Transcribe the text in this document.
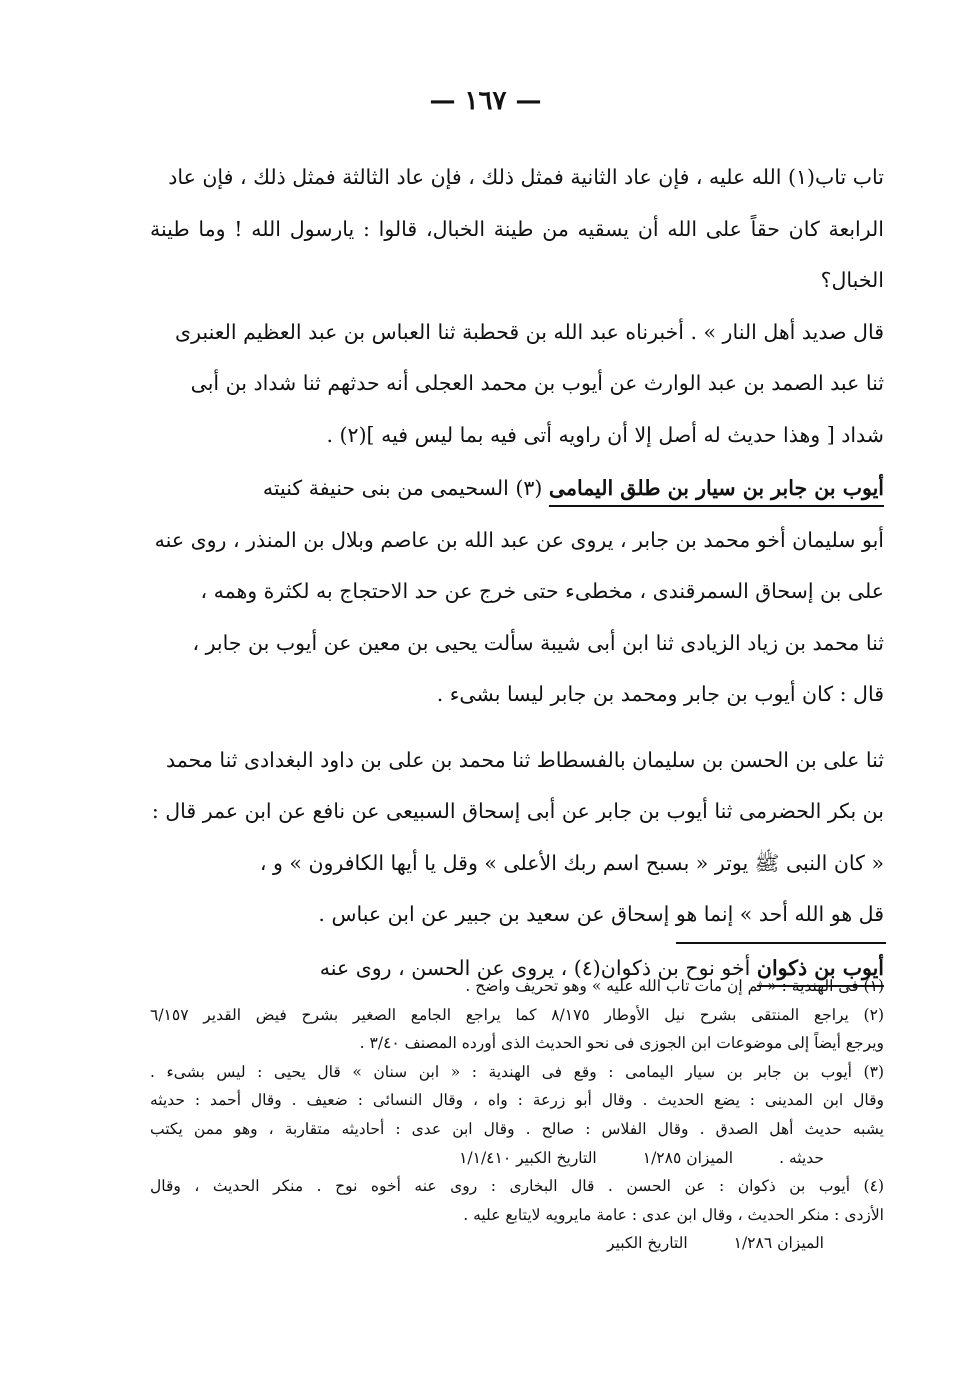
— ١٦٧ —

تاب تاب(١) الله عليه ، فإن عاد الثانية فمثل ذلك ، فإن عاد الثالثة فمثل ذلك ، فإن عاد

الرابعة كان حقاً على الله أن يسقيه من طينة الخبال، قالوا : يارسول الله ! وما طينة الخبال؟

قال صديد أهل النار » . أخبرناه عبد الله بن قحطبة ثنا العباس بن عبد العظيم العنبرى

ثنا عبد الصمد بن عبد الوارث عن أيوب بن محمد العجلى أنه حدثهم ثنا شداد بن أبى

شداد [ وهذا حديث له أصل إلا أن راويه أتى فيه بما ليس فيه ](٢) .

أيوب بن جابر بن سيار بن طلق اليمامى (٣) السحيمى من بنى حنيفة كنيته

أبو سليمان أخو محمد بن جابر ، يروى عن عبد الله بن عاصم وبلال بن المنذر ، روى عنه

على بن إسحاق السمرقندى ، مخطىء حتى خرج عن حد الاحتجاج به لكثرة وهمه ،

ثنا محمد بن زياد الزيادى ثنا ابن أبى شيبة سألت يحيى بن معين عن أيوب بن جابر ،

قال : كان أيوب بن جابر ومحمد بن جابر ليسا بشىء .

ثنا على بن الحسن بن سليمان بالفسطاط ثنا محمد بن على بن داود البغدادى ثنا محمد

بن بكر الحضرمى ثنا أيوب بن جابر عن أبى إسحاق السبيعى عن نافع عن ابن عمر قال :

« كان النبى ﷺ يوتر « بسبح اسم ربك الأعلى » وقل يا أيها الكافرون » و ،

قل هو الله أحد » إنما هو إسحاق عن سعيد بن جبير عن ابن عباس .

أيوب بن ذكوان أخو نوح بن ذكوان(٤) ، يروى عن الحسن ، روى عنه

(١) فى الهندية : « ثم إن مات تاب الله عليه » وهو تحريف واضح .

(٢) يراجع المنتقى بشرح نيل الأوطار ٨/١٧٥ كما يراجع الجامع الصغير بشرح فيض القدير ٦/١٥٧

ويرجع أيضاً إلى موضوعات ابن الجوزى فى نحو الحديث الذى أورده المصنف ٣/٤٠ .

(٣) أيوب بن جابر بن سيار اليمامى : وقع فى الهندية : « ابن سنان » قال يحيى : ليس بشىء .

وقال ابن المدينى : يضع الحديث . وقال أبو زرعة : واه ، وقال النسائى : ضعيف . وقال أحمد : حديثه

يشبه حديث أهل الصدق . وقال الفلاس : صالح . وقال ابن عدى : أحاديثه متقاربة ، وهو ممن يكتب

حديثه .
الميزان ١/٢٨٥
التاريخ الكبير ١/١/٤١٠

(٤) أيوب بن ذكوان : عن الحسن . قال البخارى : روى عنه أخوه نوح . منكر الحديث ، وقال

الأزدى : منكر الحديث ، وقال ابن عدى : عامة مايرويه لايتابع عليه .

الميزان ١/٢٨٦
التاريخ الكبير
